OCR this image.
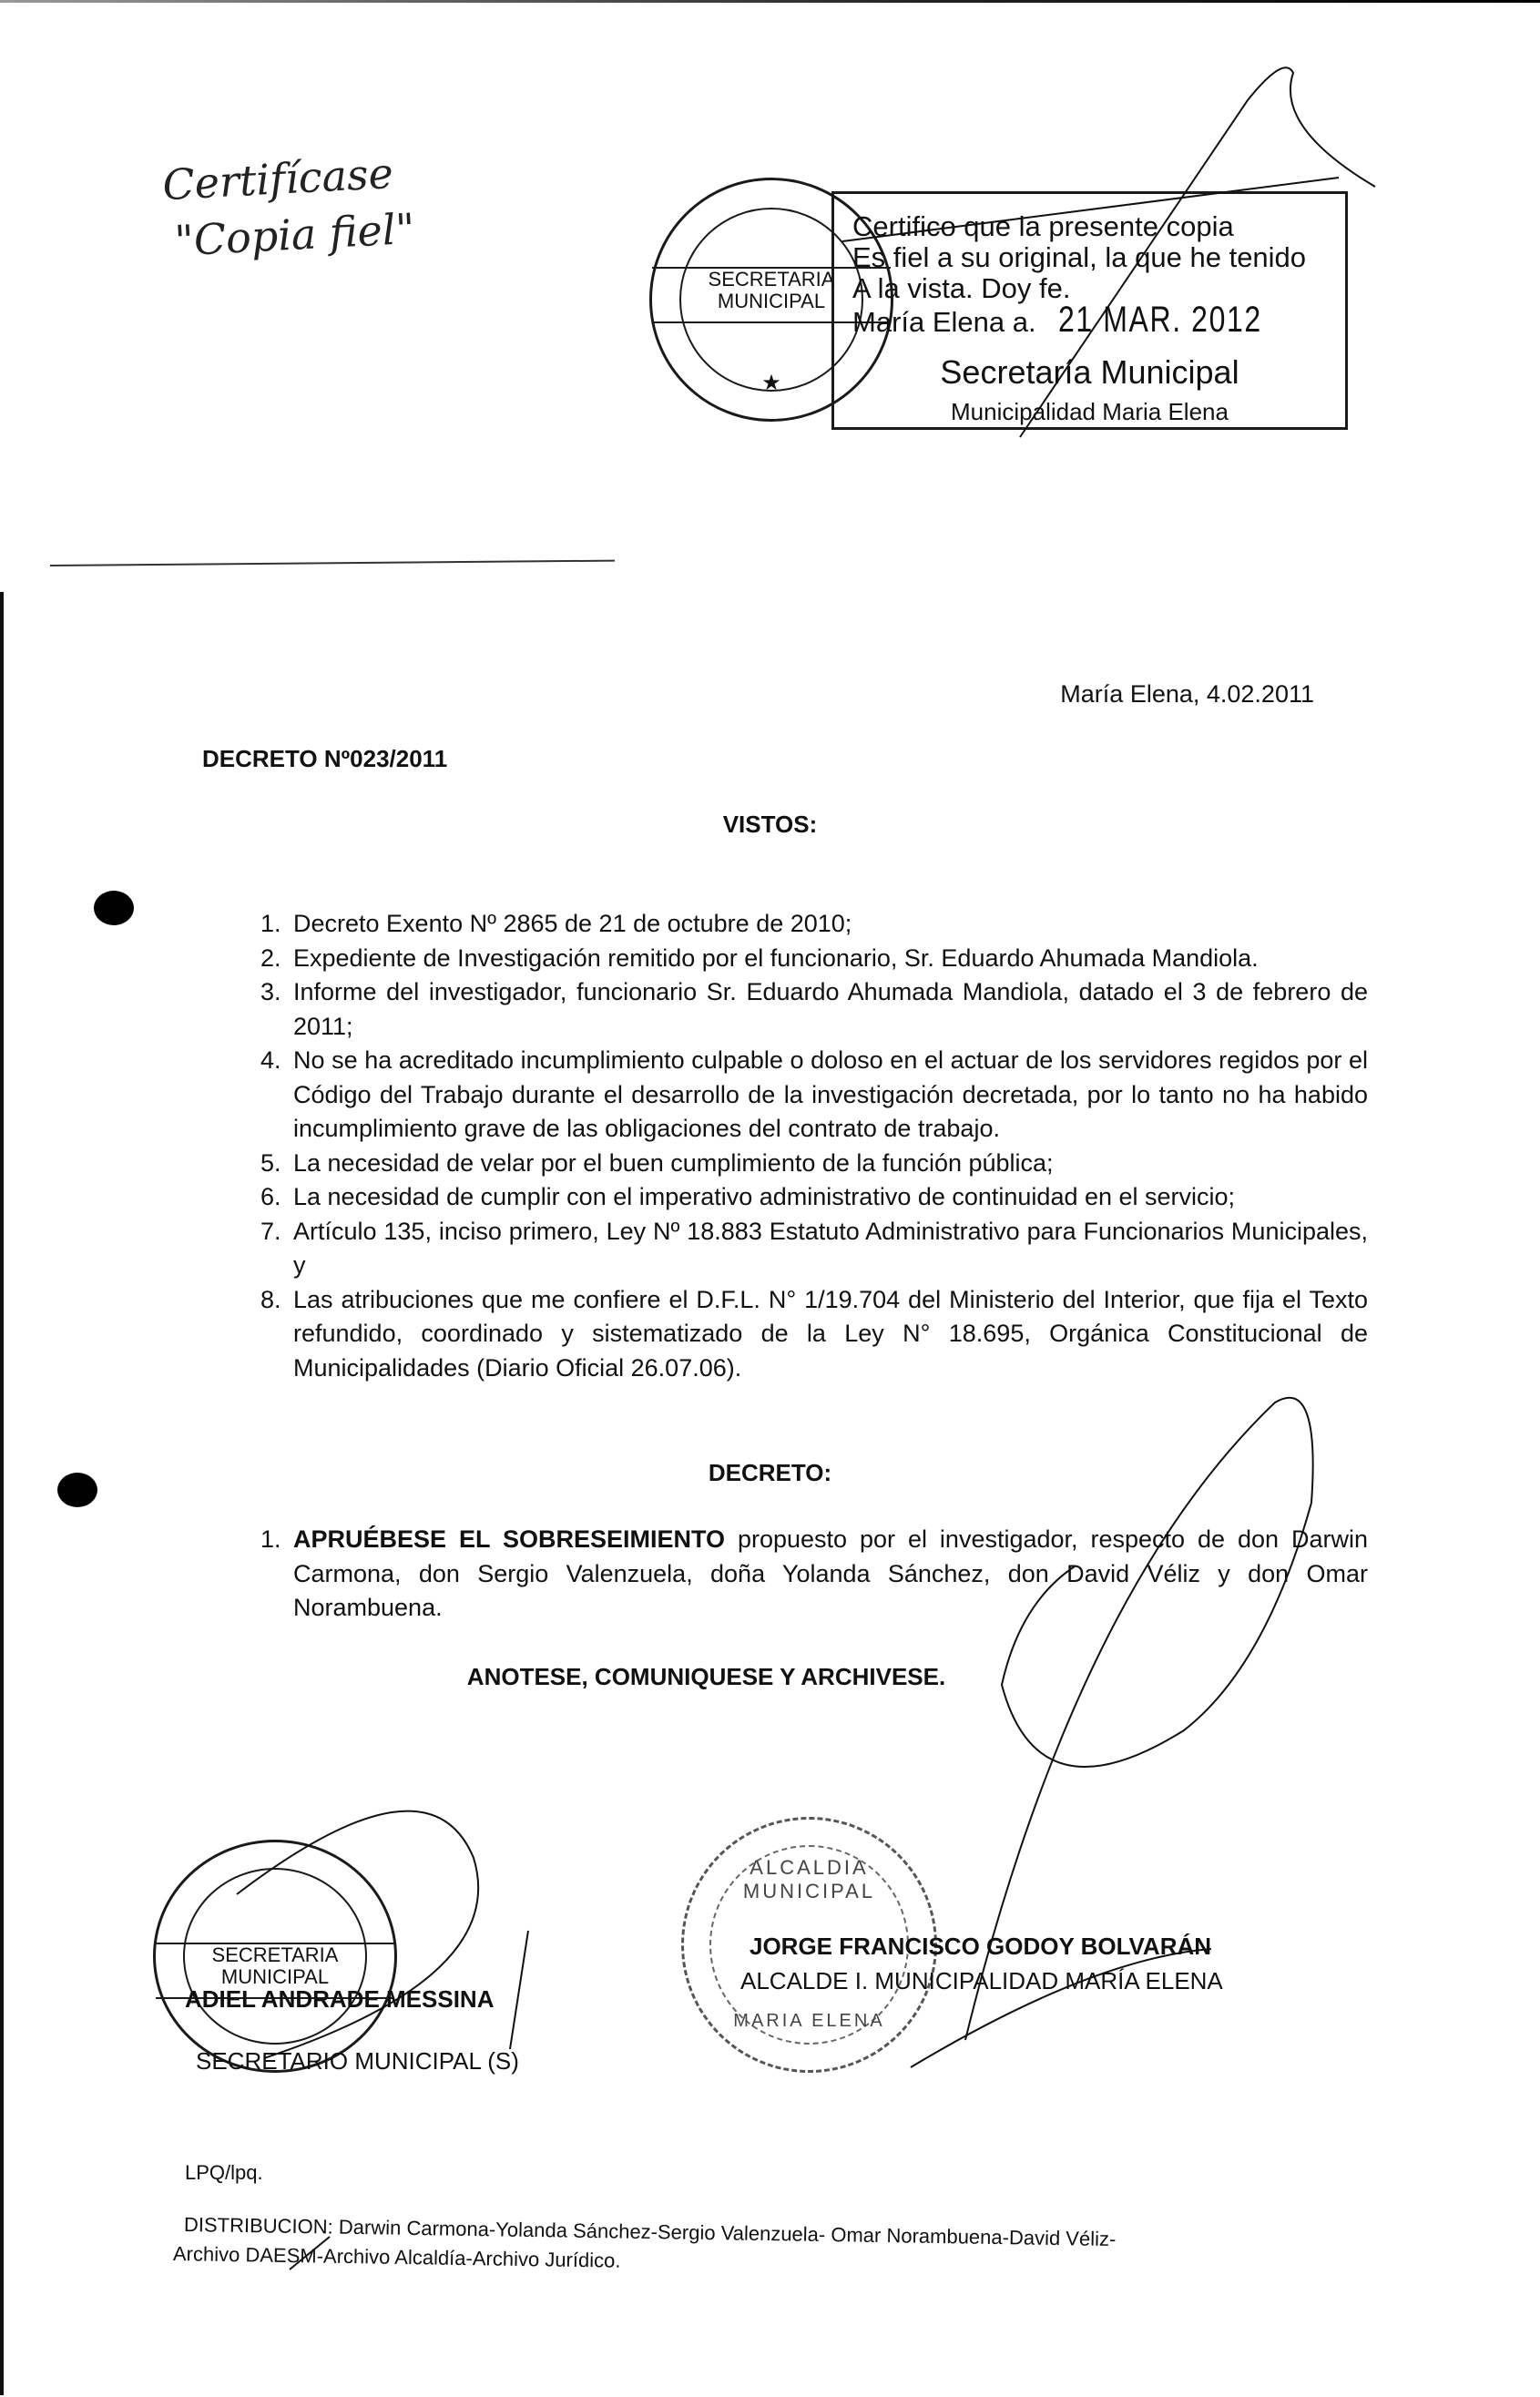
Certifícase
"Copia fiel"
SECRETARIA
MUNICIPAL
★
Certifico que la presente copia
Es fiel a su original, la que he tenido
A la vista. Doy fe.
María Elena a. 21 MAR. 2012
Secretaría Municipal
Municipalidad Maria Elena
María Elena, 4.02.2011
DECRETO Nº023/2011
VISTOS:
1. Decreto Exento Nº 2865 de 21 de octubre de 2010;
2. Expediente de Investigación remitido por el funcionario, Sr. Eduardo Ahumada Mandiola.
3. Informe del investigador, funcionario Sr. Eduardo Ahumada Mandiola, datado el 3 de febrero de 2011;
4. No se ha acreditado incumplimiento culpable o doloso en el actuar de los servidores regidos por el Código del Trabajo durante el desarrollo de la investigación decretada, por lo tanto no ha habido incumplimiento grave de las obligaciones del contrato de trabajo.
5. La necesidad de velar por el buen cumplimiento de la función pública;
6. La necesidad de cumplir con el imperativo administrativo de continuidad en el servicio;
7. Artículo 135, inciso primero, Ley Nº 18.883 Estatuto Administrativo para Funcionarios Municipales, y
8. Las atribuciones que me confiere el D.F.L. N° 1/19.704 del Ministerio del Interior, que fija el Texto refundido, coordinado y sistematizado de la Ley N° 18.695, Orgánica Constitucional de Municipalidades (Diario Oficial 26.07.06).
DECRETO:
1. APRUÉBESE EL SOBRESEIMIENTO propuesto por el investigador, respecto de don Darwin Carmona, don Sergio Valenzuela, doña Yolanda Sánchez, don David Véliz y don Omar Norambuena.
ANOTESE, COMUNIQUESE Y ARCHIVESE.
SECRETARIA
MUNICIPAL
ALCALDIA MUNICIPAL
MARIA ELENA
ADIEL ANDRADE MESSINA
SECRETARIO MUNICIPAL (S)
JORGE FRANCISCO GODOY BOLVARÁN
ALCALDE I. MUNICIPALIDAD MARÍA ELENA
LPQ/lpq.
DISTRIBUCION: Darwin Carmona-Yolanda Sánchez-Sergio Valenzuela- Omar Norambuena-David Véliz-
Archivo DAESM-Archivo Alcaldía-Archivo Jurídico.
